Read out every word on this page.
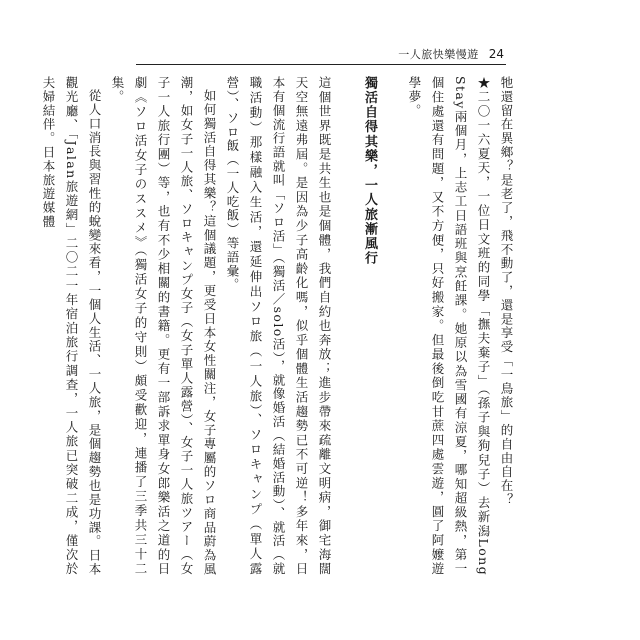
一人旅快樂慢遊 24

牠還留在異鄉？是老了，飛不動了，還是享受「一鳥旅」的自由自在？

★二〇一六夏天，一位日文班的同學「撫夫棄子」（孫子與狗兒子）去新潟Long Stay兩個月，上志工日語班與烹飪課。她原以為雪國有涼夏，哪知超級熱，第一個住處還有問題，又不方便，只好搬家。但最後倒吃甘蔗四處雲遊，圓了阿嬤遊學夢。

獨活自得其樂，一人旅漸風行

這個世界既是共生也是個體，我們自約也奔放；進步帶來疏離文明病，御宅海闊天空無遠弗屆。是因為少子高齡化嗎，似乎個體生活趨勢已不可逆！多年來，日本有個流行語就叫「ソロ活」（獨活／solo活），就像婚活（結婚活動）、就活（就職活動）那樣融入生活，還延伸出ソロ旅（一人旅）、ソロキャンプ（單人露營）、ソロ飯（一人吃飯）等語彙。

如何獨活自得其樂？這個議題，更受日本女性關注，女子專屬的ソロ商品蔚為風潮，如女子一人旅、ソロキャンプ女子（女子單人露營）、女子一人旅ツアー（女子一人旅行團）等，也有不少相關的書籍。更有一部訴求單身女郎樂活之道的日劇《ソロ活女子のススメ》（獨活女子的守則）頗受歡迎，連播了三季共三十二集。

從人口消長與習性的蛻變來看，一個人生活、一人旅，是個趨勢也是功課。日本觀光廳、「Jalan旅遊網」二〇二一年宿泊旅行調查，一人旅已突破二成，僅次於夫婦結伴。日本旅遊媒體
